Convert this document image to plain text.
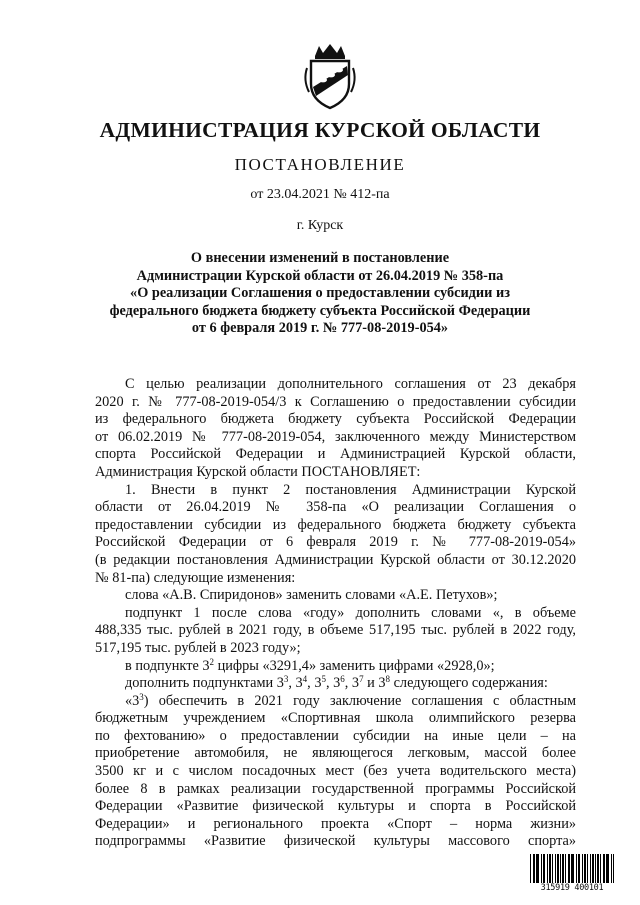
АДМИНИСТРАЦИЯ КУРСКОЙ ОБЛАСТИ
ПОСТАНОВЛЕНИЕ
от 23.04.2021 № 412-па
г. Курск
О внесении изменений в постановление
Администрации Курской области от 26.04.2019 № 358-па
«О реализации Соглашения о предоставлении субсидии из
федерального бюджета бюджету субъекта Российской Федерации
от 6 февраля 2019 г. № 777-08-2019-054»
С целью реализации дополнительного соглашения от 23 декабря
2020 г. № 777-08-2019-054/3 к Соглашению о предоставлении субсидии
из федерального бюджета бюджету субъекта Российской Федерации
от 06.02.2019 № 777-08-2019-054, заключенного между Министерством
спорта Российской Федерации и Администрацией Курской области,
Администрация Курской области ПОСТАНОВЛЯЕТ:
1. Внести в пункт 2 постановления Администрации Курской
области от 26.04.2019 № 358-па «О реализации Соглашения о
предоставлении субсидии из федерального бюджета бюджету субъекта
Российской Федерации от 6 февраля 2019 г. № 777-08-2019-054»
(в редакции постановления Администрации Курской области от 30.12.2020
№ 81-па) следующие изменения:
слова «А.В. Спиридонов» заменить словами «А.Е. Петухов»;
подпункт 1 после слова «году» дополнить словами «, в объеме
488,335 тыс. рублей в 2021 году, в объеме 517,195 тыс. рублей в 2022 году,
517,195 тыс. рублей в 2023 году»;
в подпункте $3^2$ цифры «3291,4» заменить цифрами «2928,0»;
дополнить подпунктами $3^3$, $3^4$, $3^5$, $3^6$, $3^7$ и $3^8$ следующего содержания:
«$3^3$) обеспечить в 2021 году заключение соглашения с областным
бюджетным учреждением «Спортивная школа олимпийского резерва
по фехтованию» о предоставлении субсидии на иные цели – на
приобретение автомобиля, не являющегося легковым, массой более
3500 кг и с числом посадочных мест (без учета водительского места)
более 8 в рамках реализации государственной программы Российской
Федерации «Развитие физической культуры и спорта в Российской
Федерации» и регионального проекта «Спорт – норма жизни»
подпрограммы «Развитие физической культуры массового спорта»
315919 400101
